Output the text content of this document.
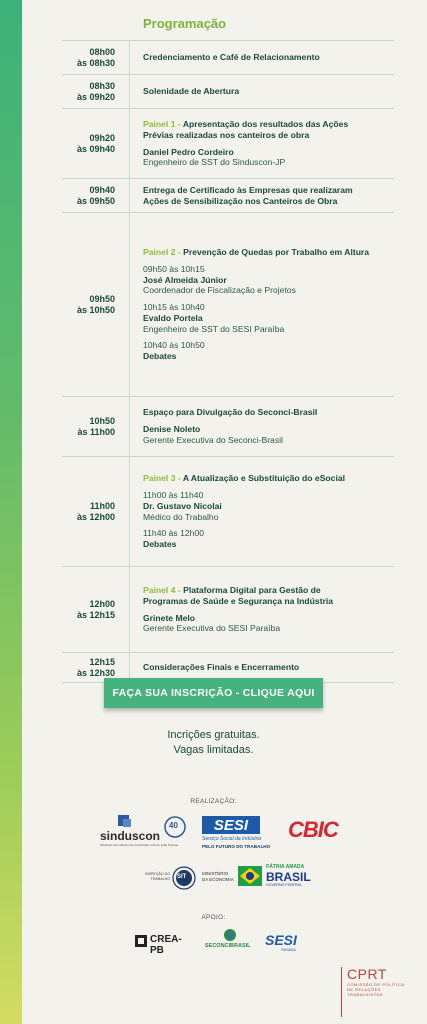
Programação
08h00
às 08h30
Credenciamento e Café de Relacionamento
08h30
às 09h20
Solenidade de Abertura
09h20
às 09h40
Painel 1 - Apresentação dos resultados das Ações
Prévias realizadas nos canteiros de obra
Daniel Pedro Cordeiro
Engenheiro de SST do Sinduscon-JP
09h40
às 09h50
Entrega de Certificado às Empresas que realizaram
Ações de Sensibilização nos Canteiros de Obra
09h50
às 10h50
Painel 2 - Prevenção de Quedas por Trabalho em Altura
09h50 às 10h15
José Almeida Júnior
Coordenador de Fiscalização e Projetos
10h15 às 10h40
Evaldo Portela
Engenheiro de SST do SESI Paraíba
10h40 às 10h50
Debates
10h50
às 11h00
Espaço para Divulgação do Seconci-Brasil
Denise Noleto
Gerente Executiva do Seconci-Brasil
11h00
às 12h00
Painel 3 - A Atualização e Substituição do eSocial
11h00 às 11h40
Dr. Gustavo Nicolai
Médico do Trabalho
11h40 às 12h00
Debates
12h00
às 12h15
Painel 4 - Plataforma Digital para Gestão de
Programas de Saúde e Segurança na Indústria
Grinete Melo
Gerente Executiva do SESI Paraíba
12h15
às 12h30
Considerações Finais e Encerramento
FAÇA SUA INSCRIÇÃO - CLIQUE AQUI
Incrições gratuitas.
Vagas limitadas.
REALIZAÇÃO:
sinduscon
40
Sindicato da Indústria da Construção Civil de João Pessoa
SESI
Serviço Social da Indústria
PELO FUTURO DO TRABALHO
CBIC
INSPEÇÃO DO TRABALHO SIT
MINISTÉRIO DA ECONOMIA
PÁTRIA AMADA
BRASIL
GOVERNO FEDERAL
APOIO:
CREA-PB	SECONCIBRASIL SESI
PARAÍBA
CPRT
COMISSÃO DE POLÍTICA DE RELAÇÕES TRABALHISTAS
